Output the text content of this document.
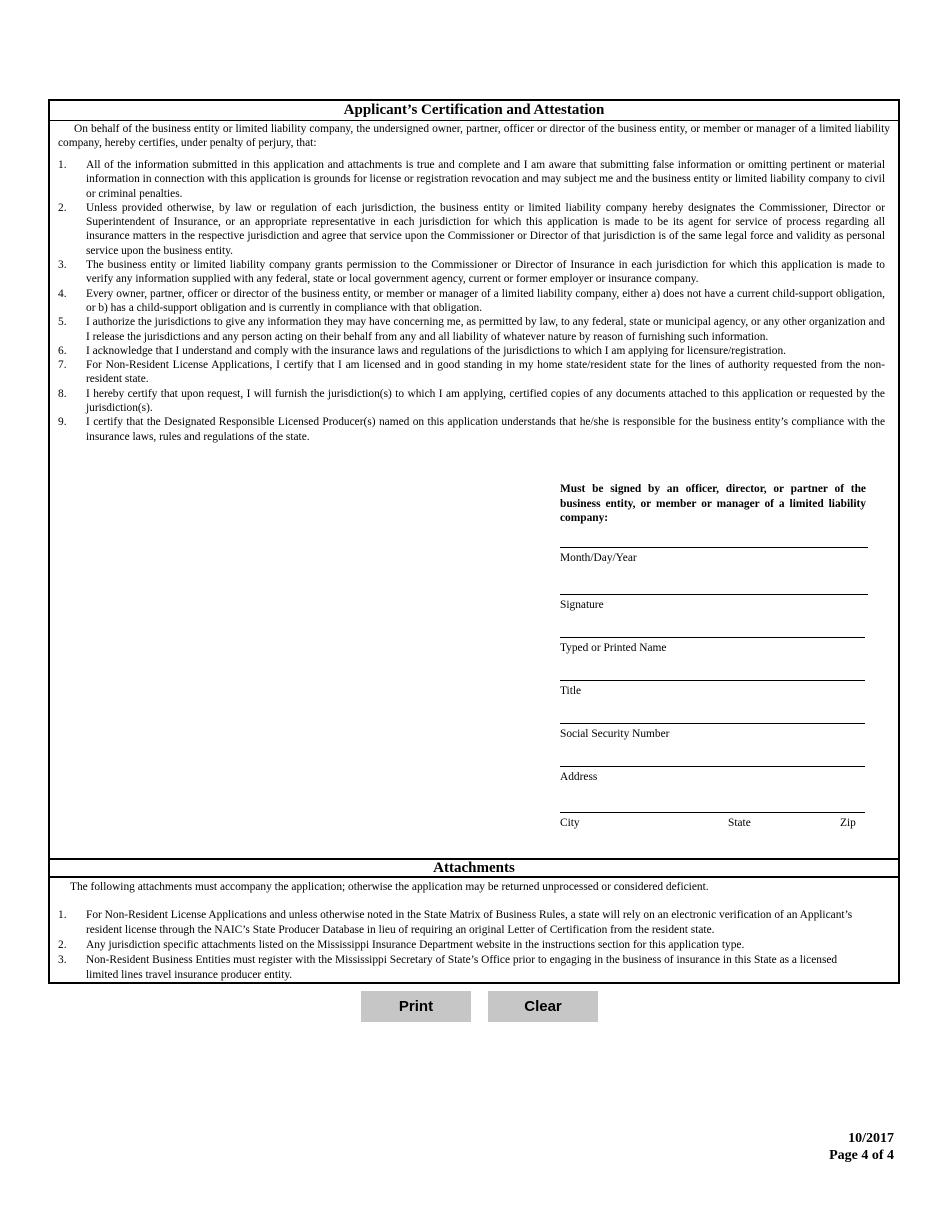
Applicant’s Certification and Attestation
On behalf of the business entity or limited liability company, the undersigned owner, partner, officer or director of the business entity, or member or manager of a limited liability company, hereby certifies, under penalty of perjury, that:
1. All of the information submitted in this application and attachments is true and complete and I am aware that submitting false information or omitting pertinent or material information in connection with this application is grounds for license or registration revocation and may subject me and the business entity or limited liability company to civil or criminal penalties.
2. Unless provided otherwise, by law or regulation of each jurisdiction, the business entity or limited liability company hereby designates the Commissioner, Director or Superintendent of Insurance, or an appropriate representative in each jurisdiction for which this application is made to be its agent for service of process regarding all insurance matters in the respective jurisdiction and agree that service upon the Commissioner or Director of that jurisdiction is of the same legal force and validity as personal service upon the business entity.
3. The business entity or limited liability company grants permission to the Commissioner or Director of Insurance in each jurisdiction for which this application is made to verify any information supplied with any federal, state or local government agency, current or former employer or insurance company.
4. Every owner, partner, officer or director of the business entity, or member or manager of a limited liability company, either a) does not have a current child-support obligation, or b) has a child-support obligation and is currently in compliance with that obligation.
5. I authorize the jurisdictions to give any information they may have concerning me, as permitted by law, to any federal, state or municipal agency, or any other organization and I release the jurisdictions and any person acting on their behalf from any and all liability of whatever nature by reason of furnishing such information.
6. I acknowledge that I understand and comply with the insurance laws and regulations of the jurisdictions to which I am applying for licensure/registration.
7. For Non-Resident License Applications, I certify that I am licensed and in good standing in my home state/resident state for the lines of authority requested from the non-resident state.
8. I hereby certify that upon request, I will furnish the jurisdiction(s) to which I am applying, certified copies of any documents attached to this application or requested by the jurisdiction(s).
9. I certify that the Designated Responsible Licensed Producer(s) named on this application understands that he/she is responsible for the business entity’s compliance with the insurance laws, rules and regulations of the state.
Must be signed by an officer, director, or partner of the business entity, or member or manager of a limited liability company:
Month/Day/Year
Signature
Typed or Printed Name
Title
Social Security Number
Address
City	State	Zip
Attachments
The following attachments must accompany the application; otherwise the application may be returned unprocessed or considered deficient.
1. For Non-Resident License Applications and unless otherwise noted in the State Matrix of Business Rules, a state will rely on an electronic verification of an Applicant’s resident license through the NAIC’s State Producer Database in lieu of requiring an original Letter of Certification from the resident state.
2. Any jurisdiction specific attachments listed on the Mississippi Insurance Department website in the instructions section for this application type.
3. Non-Resident Business Entities must register with the Mississippi Secretary of State’s Office prior to engaging in the business of insurance in this State as a licensed limited lines travel insurance producer entity.
Print	Clear
10/2017
Page 4 of 4
